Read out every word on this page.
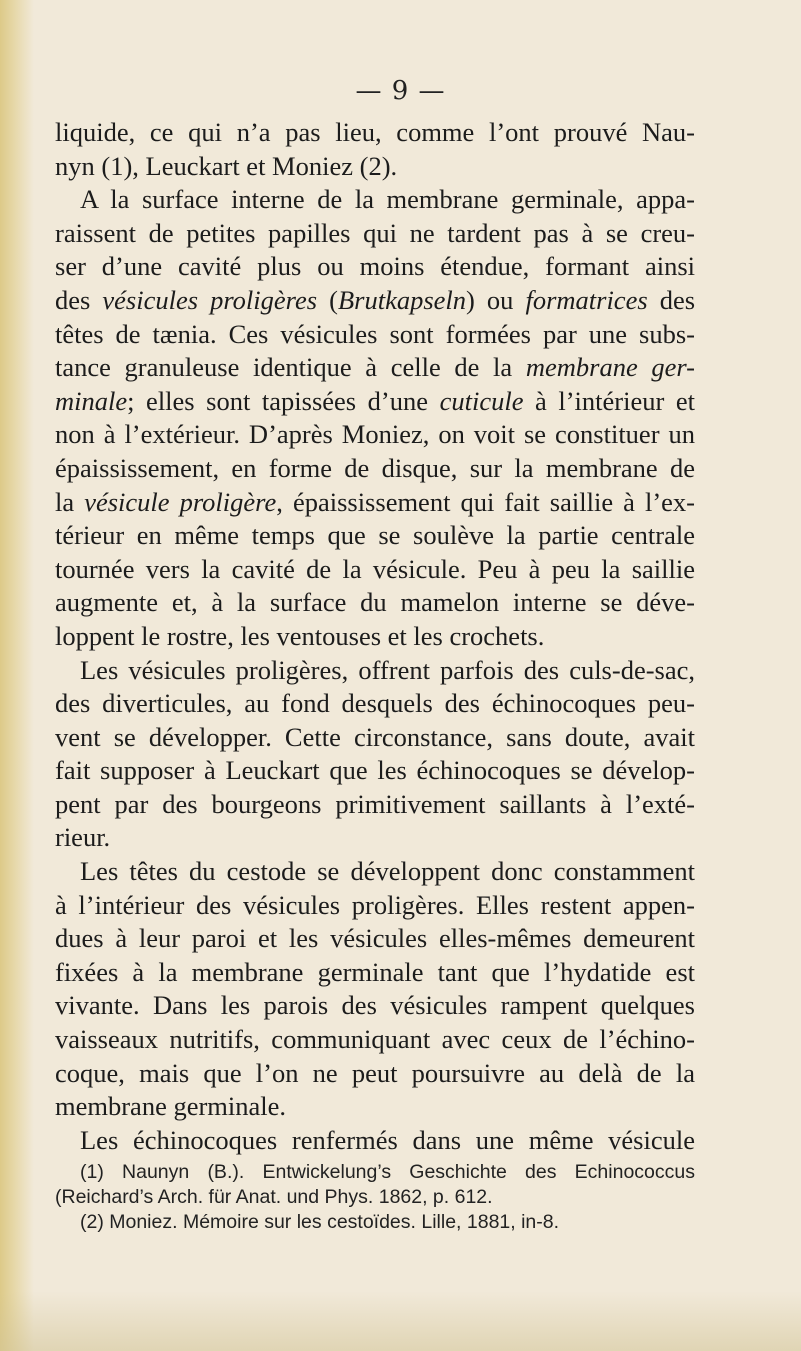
— 9 —
liquide, ce qui n’a pas lieu, comme l’ont prouvé Nau-
nyn (1), Leuckart et Moniez (2).
A la surface interne de la membrane germinale, appa-
raissent de petites papilles qui ne tardent pas à se creu-
ser d’une cavité plus ou moins étendue, formant ainsi
des vésicules proligères (Brutkapseln) ou formatrices des
têtes de tænia. Ces vésicules sont formées par une subs-
tance granuleuse identique à celle de la membrane ger-
minale; elles sont tapissées d’une cuticule à l’intérieur et
non à l’extérieur. D’après Moniez, on voit se constituer un
épaississement, en forme de disque, sur la membrane de
la vésicule proligère, épaississement qui fait saillie à l’ex-
térieur en même temps que se soulève la partie centrale
tournée vers la cavité de la vésicule. Peu à peu la saillie
augmente et, à la surface du mamelon interne se déve-
loppent le rostre, les ventouses et les crochets.
Les vésicules proligères, offrent parfois des culs-de-sac,
des diverticules, au fond desquels des échinocoques peu-
vent se développer. Cette circonstance, sans doute, avait
fait supposer à Leuckart que les échinocoques se dévelop-
pent par des bourgeons primitivement saillants à l’exté-
rieur.
Les têtes du cestode se développent donc constamment
à l’intérieur des vésicules proligères. Elles restent appen-
dues à leur paroi et les vésicules elles-mêmes demeurent
fixées à la membrane germinale tant que l’hydatide est
vivante. Dans les parois des vésicules rampent quelques
vaisseaux nutritifs, communiquant avec ceux de l’échino-
coque, mais que l’on ne peut poursuivre au delà de la
membrane germinale.
Les échinocoques renfermés dans une même vésicule
(1) Naunyn (B.). Entwickelung’s Geschichte des Echinococcus
(Reichard’s Arch. für Anat. und Phys. 1862, p. 612.
(2) Moniez. Mémoire sur les cestoïdes. Lille, 1881, in-8.
